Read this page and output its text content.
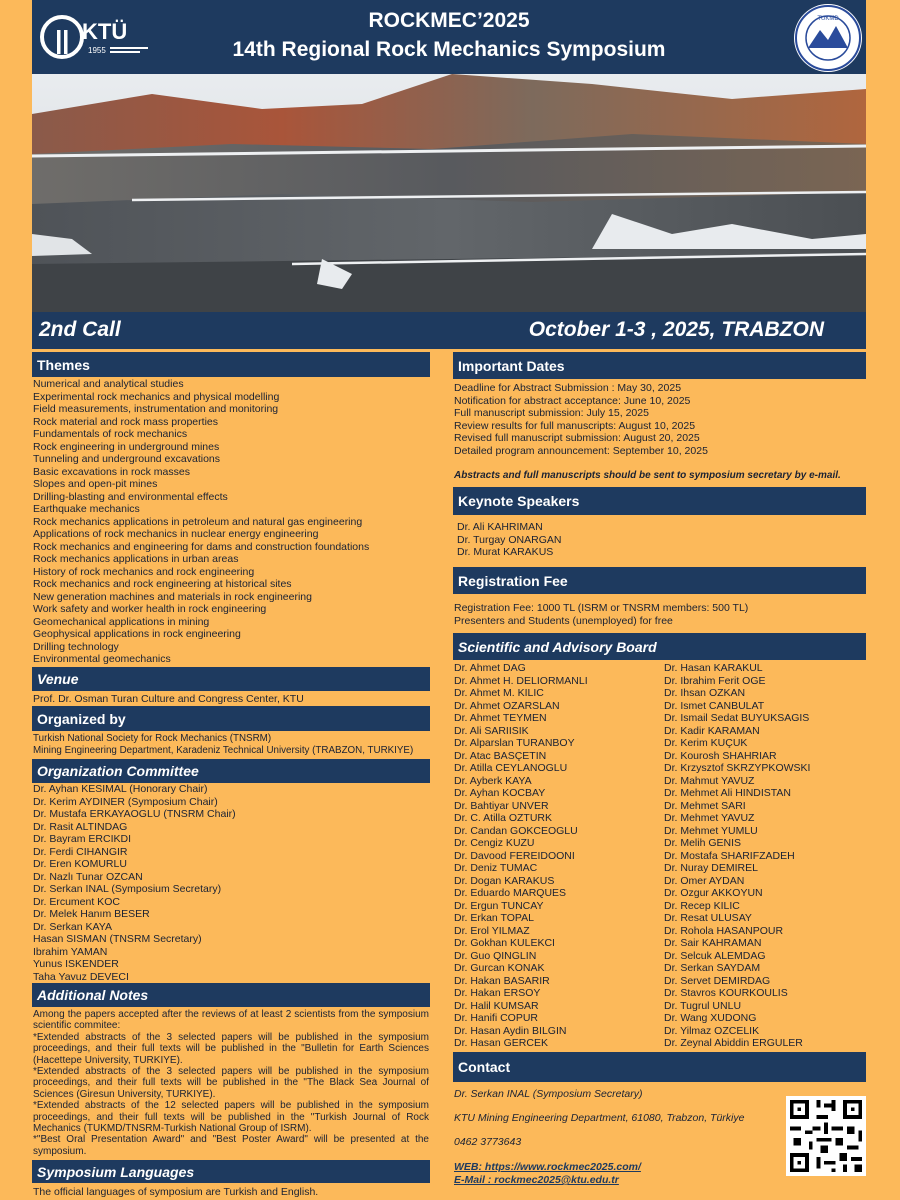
KTÜ
1955
ROCKMEC’2025
14th Regional Rock Mechanics Symposium
TUKMD
2nd Call	October 1-3 , 2025, TRABZON
Themes
Numerical and analytical studies
Experimental rock mechanics and physical modelling
Field measurements, instrumentation and monitoring
Rock material and rock mass properties
Fundamentals of rock mechanics
Rock engineering in underground mines
Tunneling and underground excavations
Basic excavations in rock masses
Slopes and open-pit mines
Drilling-blasting and environmental effects
Earthquake mechanics
Rock mechanics applications in petroleum and natural gas engineering
Applications of rock mechanics in nuclear energy engineering
Rock mechanics and engineering for dams and construction foundations
Rock mechanics applications in urban areas
History of rock mechanics and rock engineering
Rock mechanics and rock engineering at historical sites
New generation machines and materials in rock engineering
Work safety and worker health in rock engineering
Geomechanical applications in mining
Geophysical applications in rock engineering
Drilling technology
Environmental geomechanics
Venue
Prof. Dr. Osman Turan Culture and Congress Center, KTU
Organized by
Turkish National Society for Rock Mechanics (TNSRM)
Mining Engineering Department, Karadeniz Technical University (TRABZON, TURKIYE)
Organization Committee
Dr. Ayhan KESIMAL (Honorary Chair)
Dr. Kerim AYDINER (Symposium Chair)
Dr. Mustafa ERKAYAOGLU (TNSRM Chair)
Dr. Rasit ALTINDAG
Dr. Bayram ERCIKDI
Dr. Ferdi CIHANGIR
Dr. Eren KOMURLU
Dr. Nazlı Tunar OZCAN
Dr. Serkan INAL (Symposium Secretary)
Dr. Ercument KOC
Dr. Melek Hanım BESER
Dr. Serkan KAYA
Hasan SISMAN (TNSRM Secretary)
Ibrahim YAMAN
Yunus ISKENDER
Taha Yavuz DEVECI
Additional Notes

Among the papers accepted after the reviews of at least 2 scientists from the symposium scientific commitee:

*Extended abstracts of the 3 selected papers will be published in the symposium proceedings, and their full texts will be published in the "Bulletin for Earth Sciences (Hacettepe University, TURKIYE).

*Extended abstracts of the 3 selected papers will be published in the symposium proceedings, and their full texts will be published in the "The Black Sea Journal of Sciences (Giresun University, TURKIYE).

*Extended abstracts of the 12 selected papers will be published in the symposium proceedings, and their full texts will be published in the "Turkish Journal of Rock Mechanics (TUKMD/TNSRM-Turkish National Group of ISRM).

*"Best Oral Presentation Award" and "Best Poster Award" will be presented at the symposium.

Symposium Languages
The official languages of symposium are Turkish and English.
Important Dates
Deadline for Abstract Submission : May 30, 2025
Notification for abstract acceptance: June 10, 2025
Full manuscript submission: July 15, 2025
Review results for full manuscripts: August 10, 2025
Revised full manuscript submission: August 20, 2025
Detailed program announcement: September 10, 2025
Abstracts and full manuscripts should be sent to symposium secretary by e-mail.
Keynote Speakers
Dr. Ali KAHRIMAN
Dr. Turgay ONARGAN
Dr. Murat KARAKUS
Registration Fee
Registration Fee: 1000 TL (ISRM or TNSRM members: 500 TL)
Presenters and Students (unemployed) for free
Scientific and Advisory Board
Dr. Ahmet DAG
Dr. Ahmet H. DELIORMANLI
Dr. Ahmet M. KILIC
Dr. Ahmet OZARSLAN
Dr. Ahmet TEYMEN
Dr. Ali SARIISIK
Dr. Alparslan TURANBOY
Dr. Atac BASÇETIN
Dr. Atilla CEYLANOGLU
Dr. Ayberk KAYA
Dr. Ayhan KOCBAY
Dr. Bahtiyar UNVER
Dr. C. Atilla OZTURK
Dr. Candan GOKCEOGLU
Dr. Cengiz KUZU
Dr. Davood FEREIDOONI
Dr. Deniz TUMAC
Dr. Dogan KARAKUS
Dr. Eduardo MARQUES
Dr. Ergun TUNCAY
Dr. Erkan TOPAL
Dr. Erol YILMAZ
Dr. Gokhan KULEKCI
Dr. Guo QINGLIN
Dr. Gurcan KONAK
Dr. Hakan BASARIR
Dr. Hakan ERSOY
Dr. Halil KUMSAR
Dr. Hanifi COPUR
Dr. Hasan Aydin BILGIN
Dr. Hasan GERCEK
Dr. Hasan KARAKUL
Dr. Ibrahim Ferit OGE
Dr. Ihsan OZKAN
Dr. Ismet CANBULAT
Dr. Ismail Sedat BUYUKSAGIS
Dr. Kadir KARAMAN
Dr. Kerim KUÇUK
Dr. Kourosh SHAHRIAR
Dr. Krzysztof SKRZYPKOWSKI
Dr. Mahmut YAVUZ
Dr. Mehmet Ali HINDISTAN
Dr. Mehmet SARI
Dr. Mehmet YAVUZ
Dr. Mehmet YUMLU
Dr. Melih GENIS
Dr. Mostafa SHARIFZADEH
Dr. Nuray DEMIREL
Dr. Omer AYDAN
Dr. Ozgur AKKOYUN
Dr. Recep KILIC
Dr. Resat ULUSAY
Dr. Rohola HASANPOUR
Dr. Sair KAHRAMAN
Dr. Selcuk ALEMDAG
Dr. Serkan SAYDAM
Dr. Servet DEMIRDAG
Dr. Stavros KOURKOULIS
Dr. Tugrul UNLU
Dr. Wang XUDONG
Dr. Yilmaz OZCELIK
Dr. Zeynal Abiddin ERGULER
Contact
Dr. Serkan INAL (Symposium Secretary)
KTU Mining Engineering Department, 61080, Trabzon, Türkiye
0462 3773643
WEB: https://www.rockmec2025.com/
E-Mail : rockmec2025@ktu.edu.tr
